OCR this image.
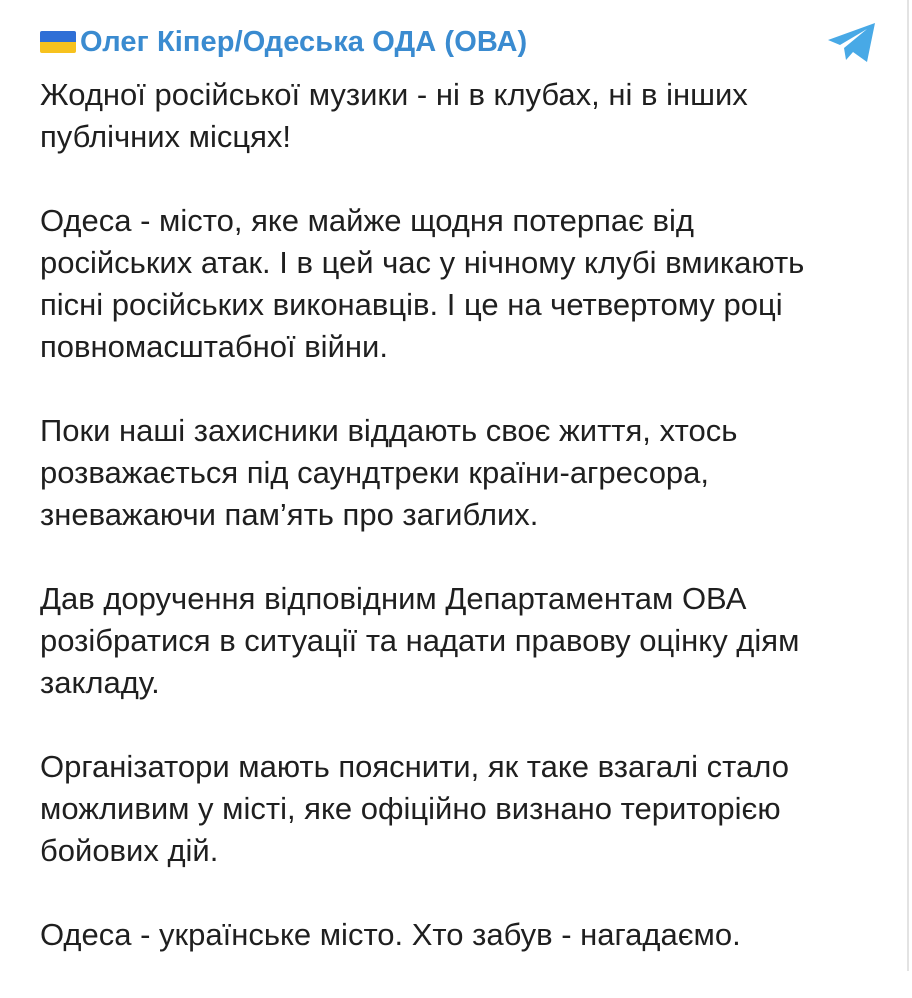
Олег Кіпер/Одеська ОДА (ОВА)
Жодної російської музики - ні в клубах, ні в інших
публічних місцях!
Одеса - місто, яке майже щодня потерпає від
російських атак. І в цей час у нічному клубі вмикають
пісні російських виконавців. І це на четвертому році
повномасштабної війни.
Поки наші захисники віддають своє життя, хтось
розважається під саундтреки країни-агресора,
зневажаючи пам’ять про загиблих.
Дав доручення відповідним Департаментам ОВА
розібратися в ситуації та надати правову оцінку діям
закладу.
Організатори мають пояснити, як таке взагалі стало
можливим у місті, яке офіційно визнано територією
бойових дій.
Одеса - українське місто. Хто забув - нагадаємо.
